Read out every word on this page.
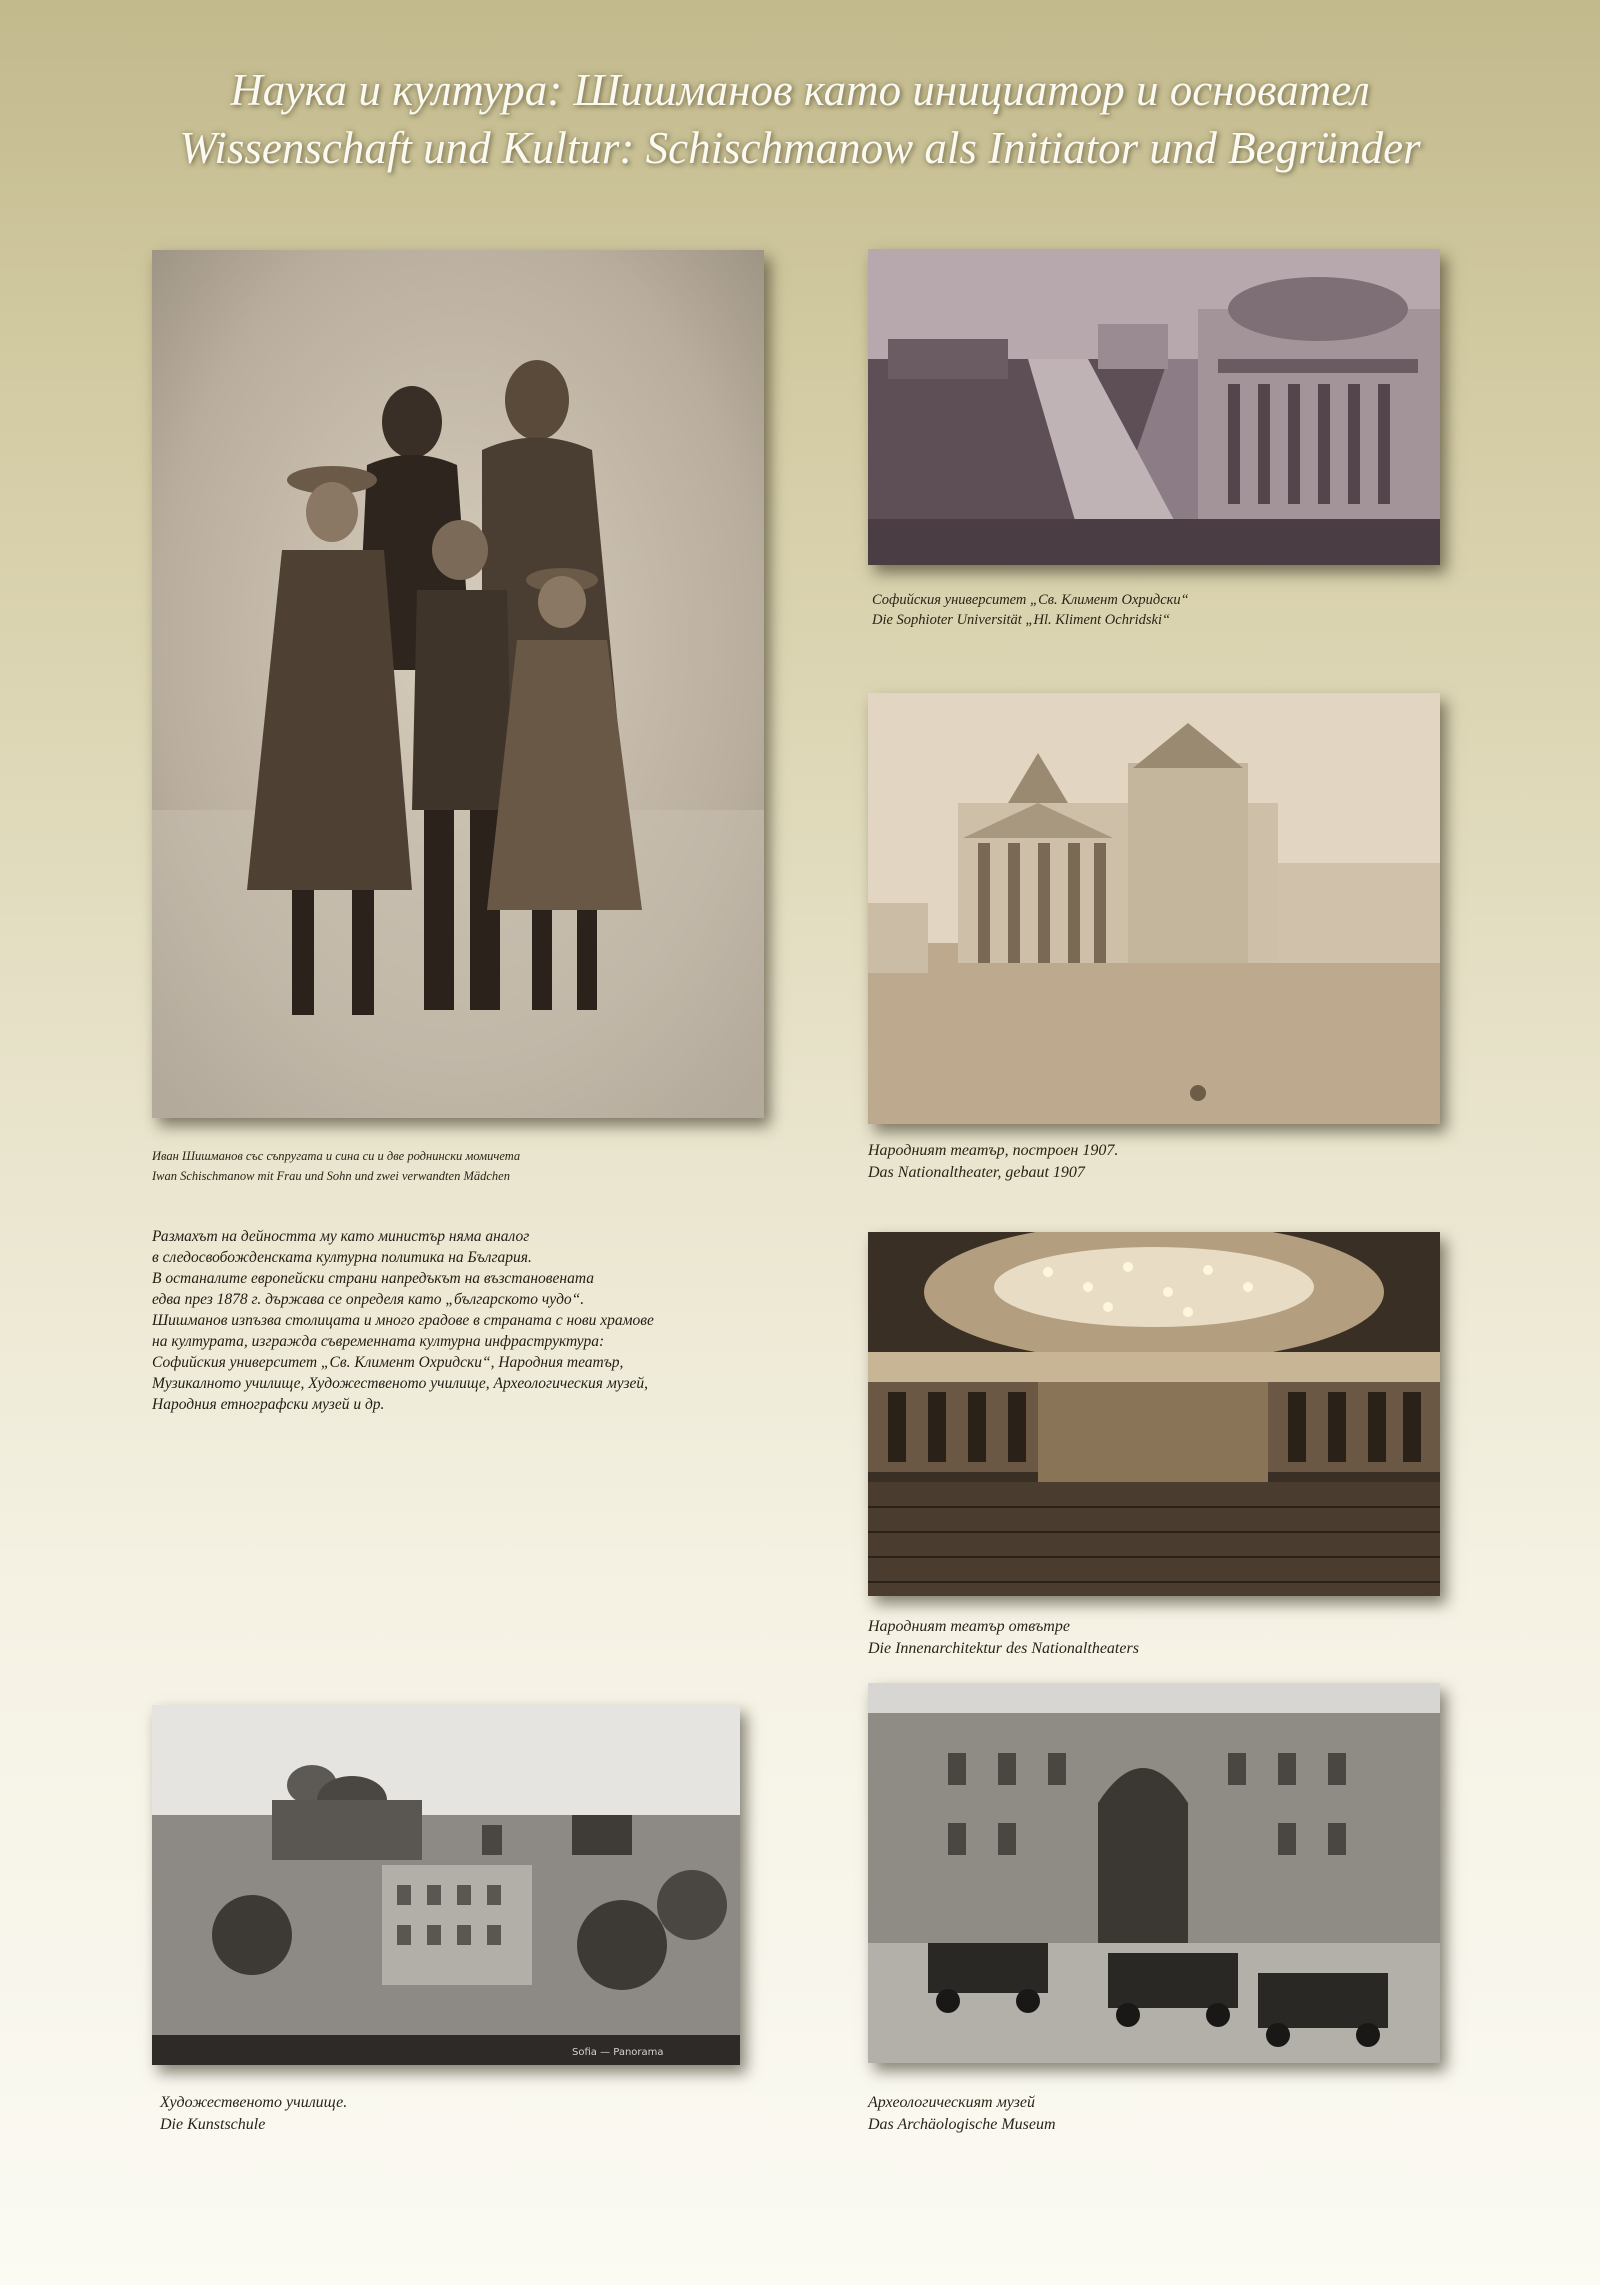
Наука и култура: Шишманов като инициатор и основател
Wissenschaft und Kultur: Schischmanow als Initiator und Begründer
Иван Шишманов със съпругата и сина си и две роднински момичета
Iwan Schischmanow mit Frau und Sohn und zwei verwandten Mädchen
Софийския университет „Св. Климент Охридски“
Die Sophioter Universität „Hl. Kliment Ochridski“
Народният театър, построен 1907.
Das Nationaltheater, gebaut 1907
Народният театър отвътре
Die Innenarchitektur des Nationaltheaters
Размахът на дейността му като министър няма аналог
в следосвобожденската културна политика на България.
В останалите европейски страни напредъкът на възстановената
едва през 1878 г. държава се определя като „българското чудо“.
Шишманов изпъзва столицата и много градове в страната с нови храмове
на културата, изгражда съвременната културна инфраструктура:
Софийския университет „Св. Климент Охридски“, Народния театър,
Музикалното училище, Художественото училище, Археологическия музей,
Народния етнографски музей и др.
Sofia — Panorama
Художественото училище.
Die Kunstschule
Археологическият музей
Das Archäologische Museum
